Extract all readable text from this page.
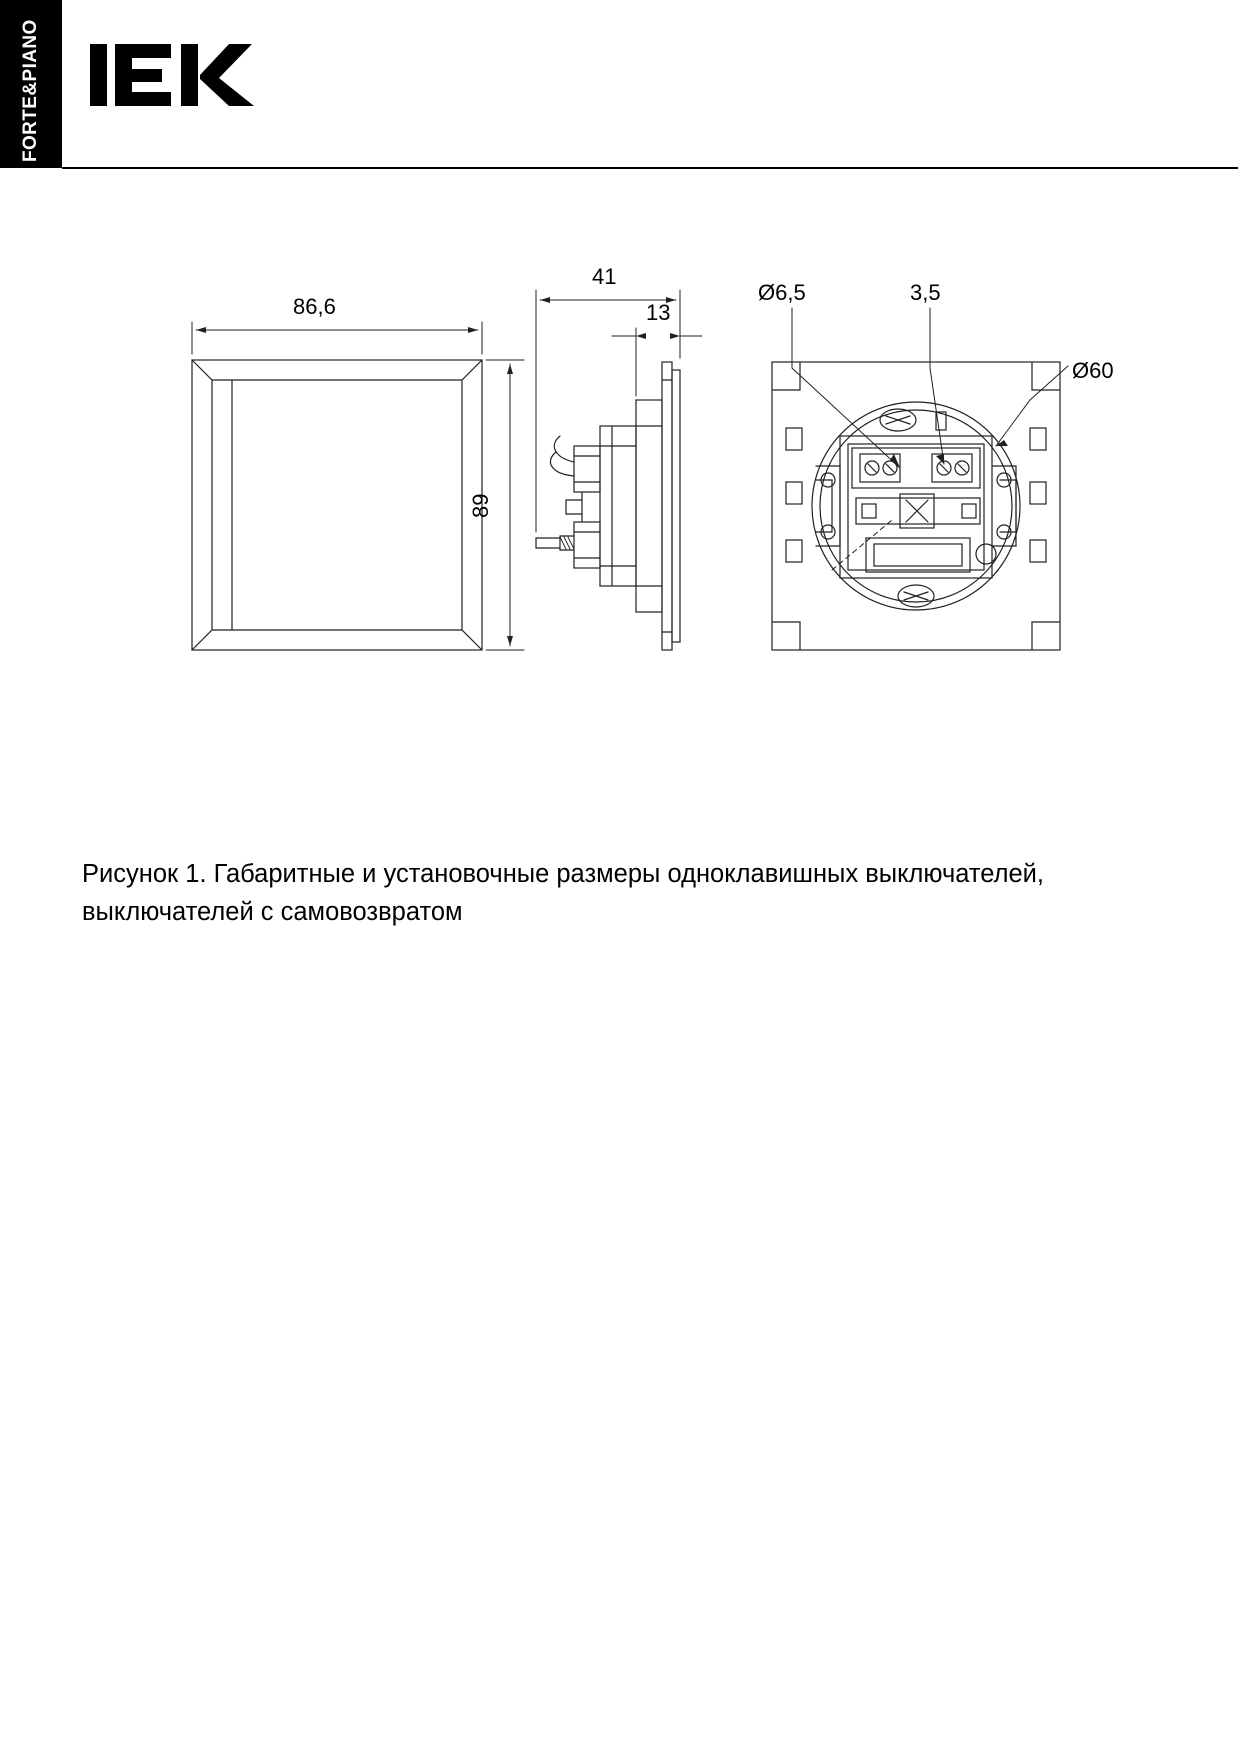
FORTE&PIANO
86,6
89
41
13
Ø6,5	3,5
Ø60
Рисунок 1. Габаритные и установочные размеры одноклавишных выключателей, выключателей с самовозвратом
